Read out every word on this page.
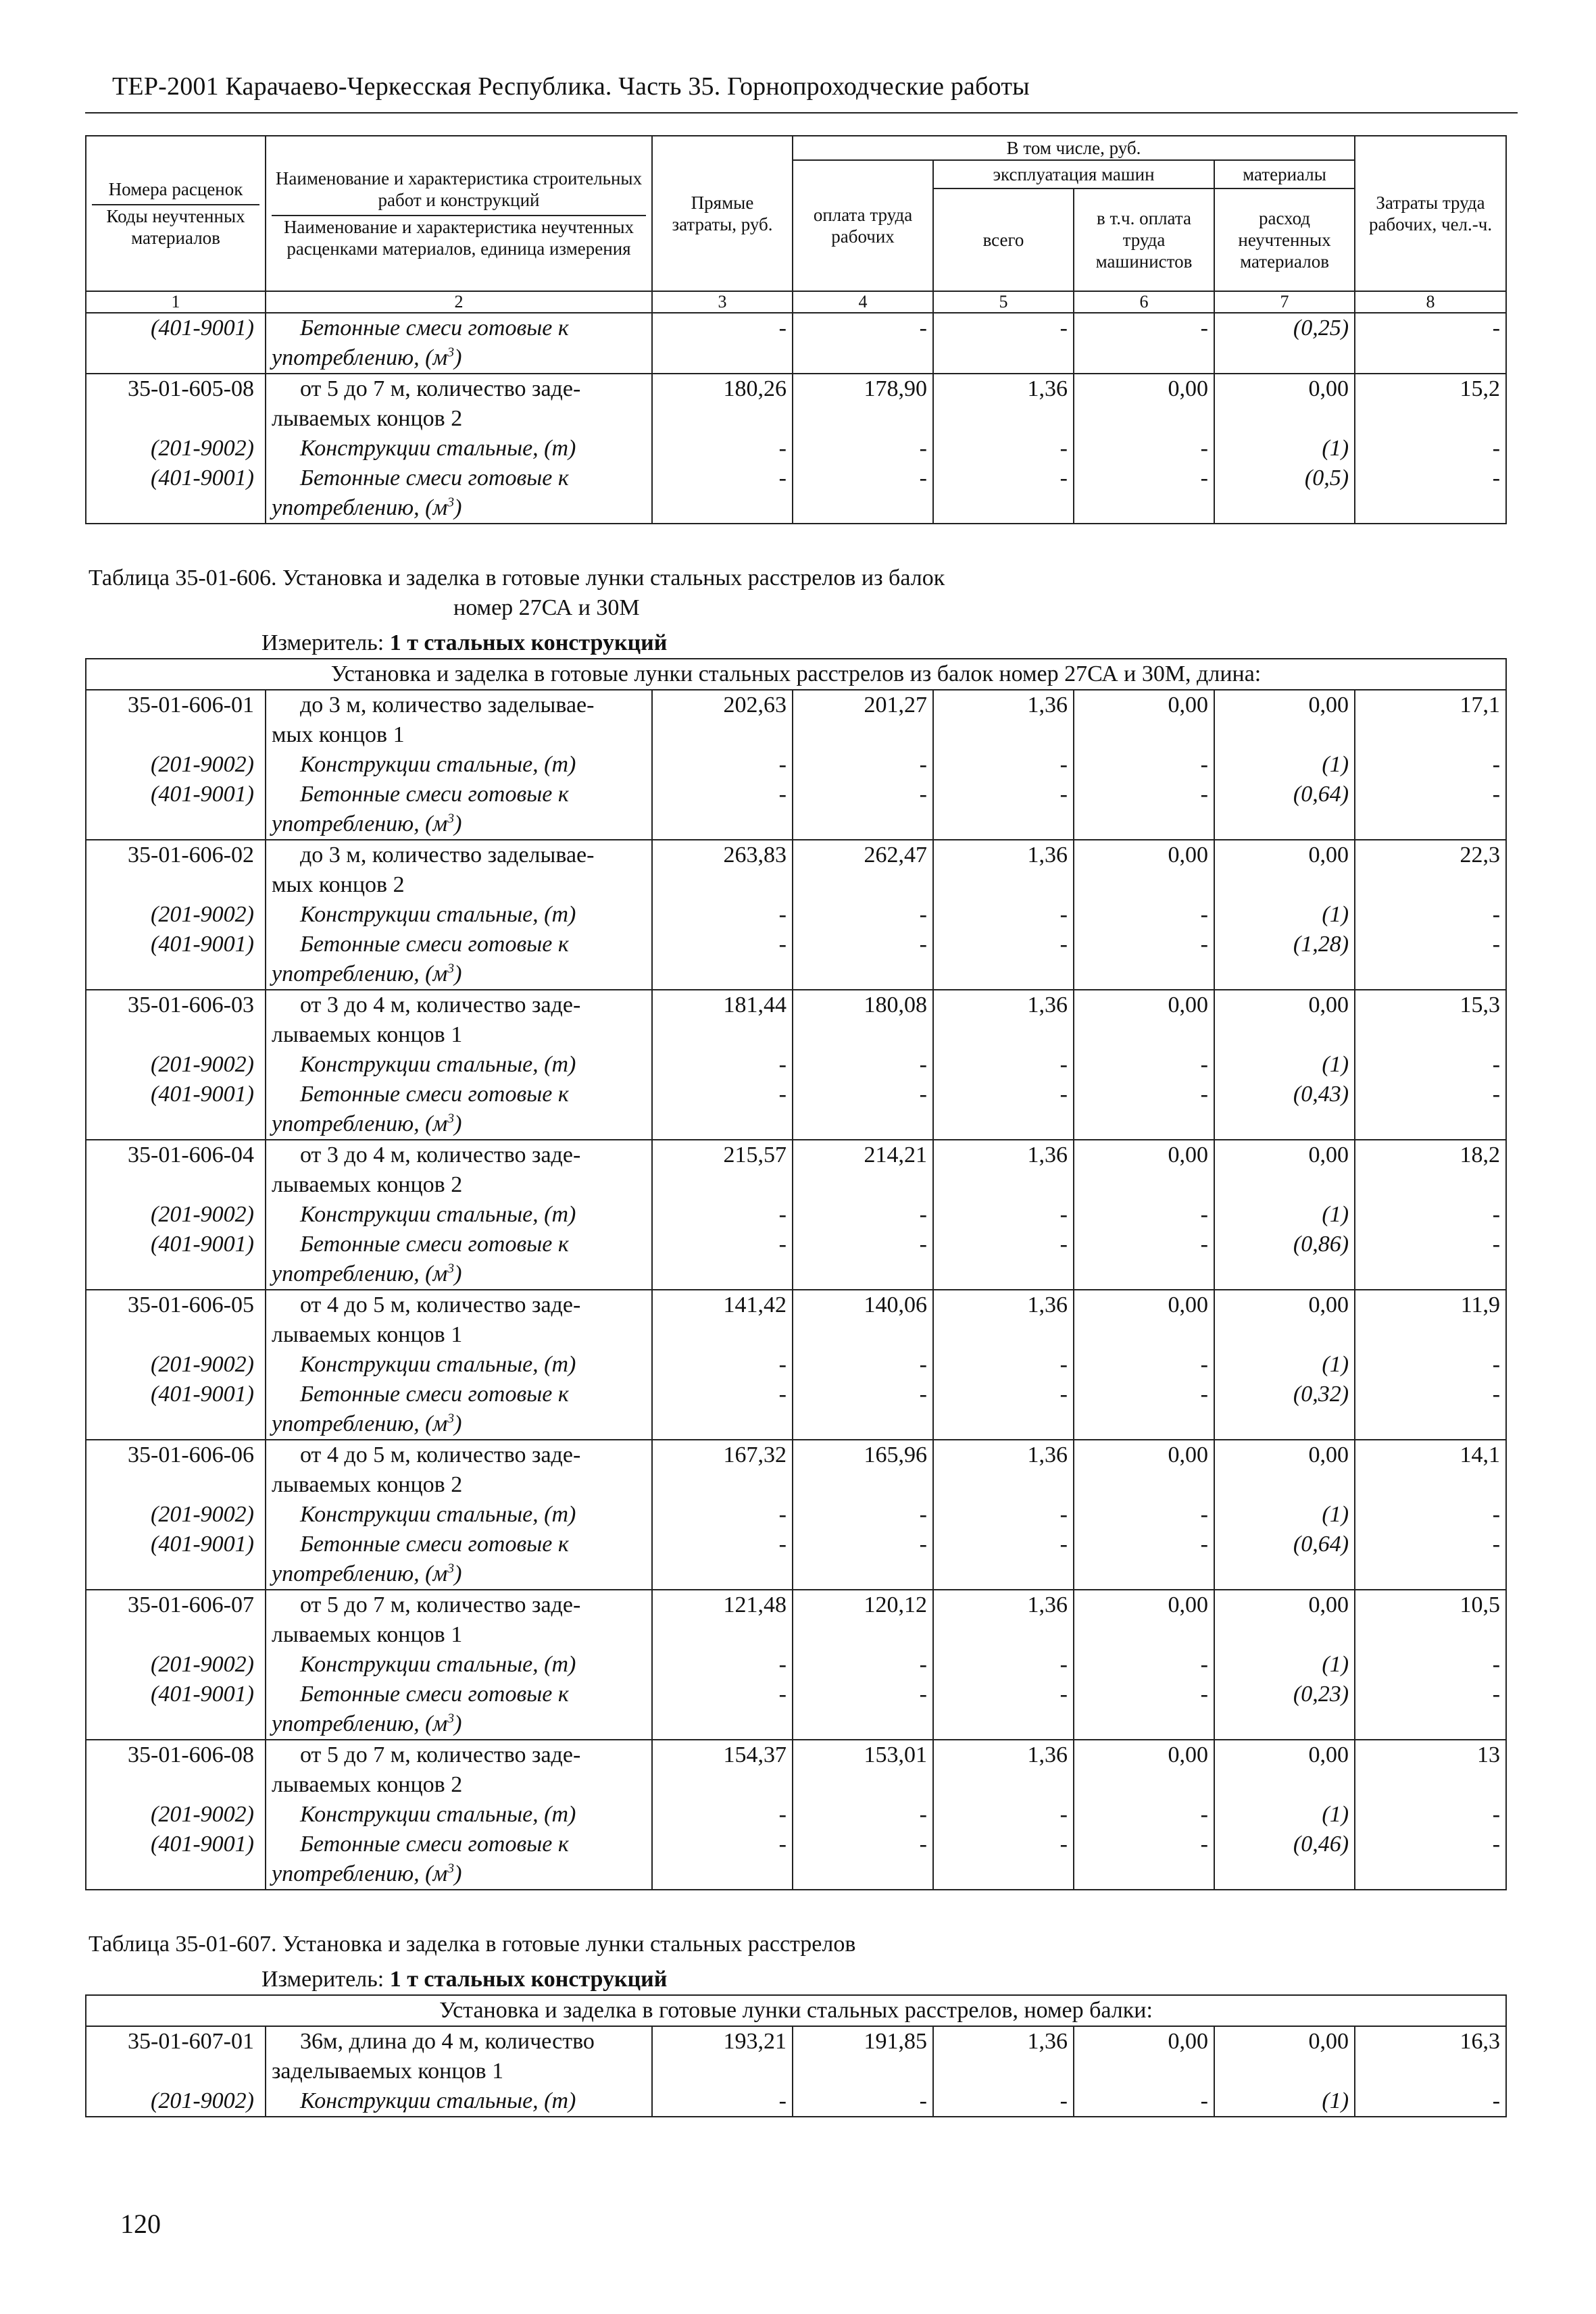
ТЕР-2001 Карачаево-Черкесская Республика. Часть 35. Горнопроходческие работы
Номера расценок
Коды неучтенных материалов	Наименование и характеристика строительных работ и конструкций
Наименование и характеристика неучтенных расценками материалов, единица измерения	Прямые затраты, руб.	В том числе, руб.				Затраты труда рабочих, чел.-ч.
			оплата труда рабочих	эксплуатация машин		материалы	
				всего	в т.ч. оплата труда машинистов	расход неучтенных материалов	
1	2	3	4	5	6	7	8
(401-9001)	Бетонные смеси готовые к	-	-	-	-	(0,25)	-
	употреблению, $(м^3)$						
35-01-605-08	от 5 до 7 м, количество заде-	180,26	178,90	1,36	0,00	0,00	15,2
	лываемых концов 2						
(201-9002)	Конструкции стальные, (т)	-	-	-	-	(1)	-
(401-9001)	Бетонные смеси готовые к	-	-	-	-	(0,5)	-
	употреблению, $(м^3)$						

Таблица 35-01-606. Установка и заделка в готовые лунки стальных расстрелов из балок
номер 27СА и 30М							

Измеритель: 1 т стальных конструкций							
Установка и заделка в готовые лунки стальных расстрелов из балок номер 27СА и 30М, длина:							
35-01-606-01	до 3 м, количество заделывае-	202,63	201,27	1,36	0,00	0,00	17,1
	мых концов 1						
(201-9002)	Конструкции стальные, (т)	-	-	-	-	(1)	-
(401-9001)	Бетонные смеси готовые к	-	-	-	-	(0,64)	-
	употреблению, $(м^3)$						
35-01-606-02	до 3 м, количество заделывае-	263,83	262,47	1,36	0,00	0,00	22,3
	мых концов 2						
(201-9002)	Конструкции стальные, (т)	-	-	-	-	(1)	-
(401-9001)	Бетонные смеси готовые к	-	-	-	-	(1,28)	-
	употреблению, $(м^3)$						
35-01-606-03	от 3 до 4 м, количество заде-	181,44	180,08	1,36	0,00	0,00	15,3
	лываемых концов 1						
(201-9002)	Конструкции стальные, (т)	-	-	-	-	(1)	-
(401-9001)	Бетонные смеси готовые к	-	-	-	-	(0,43)	-
	употреблению, $(м^3)$						
35-01-606-04	от 3 до 4 м, количество заде-	215,57	214,21	1,36	0,00	0,00	18,2
	лываемых концов 2						
(201-9002)	Конструкции стальные, (т)	-	-	-	-	(1)	-
(401-9001)	Бетонные смеси готовые к	-	-	-	-	(0,86)	-
	употреблению, $(м^3)$						
35-01-606-05	от 4 до 5 м, количество заде-	141,42	140,06	1,36	0,00	0,00	11,9
	лываемых концов 1						
(201-9002)	Конструкции стальные, (т)	-	-	-	-	(1)	-
(401-9001)	Бетонные смеси готовые к	-	-	-	-	(0,32)	-
	употреблению, $(м^3)$						
35-01-606-06	от 4 до 5 м, количество заде-	167,32	165,96	1,36	0,00	0,00	14,1
	лываемых концов 2						
(201-9002)	Конструкции стальные, (т)	-	-	-	-	(1)	-
(401-9001)	Бетонные смеси готовые к	-	-	-	-	(0,64)	-
	употреблению, $(м^3)$						
35-01-606-07	от 5 до 7 м, количество заде-	121,48	120,12	1,36	0,00	0,00	10,5
	лываемых концов 1						
(201-9002)	Конструкции стальные, (т)	-	-	-	-	(1)	-
(401-9001)	Бетонные смеси готовые к	-	-	-	-	(0,23)	-
	употреблению, $(м^3)$						
35-01-606-08	от 5 до 7 м, количество заде-	154,37	153,01	1,36	0,00	0,00	13
	лываемых концов 2						
(201-9002)	Конструкции стальные, (т)	-	-	-	-	(1)	-
(401-9001)	Бетонные смеси готовые к	-	-	-	-	(0,46)	-
	употреблению, $(м^3)$						

Таблица 35-01-607. Установка и заделка в готовые лунки стальных расстрелов							
Измеритель: 1 т стальных конструкций							
Установка и заделка в готовые лунки стальных расстрелов, номер балки:							
35-01-607-01	36м, длина до 4 м, количество	193,21	191,85	1,36	0,00	0,00	16,3
	заделываемых концов 1						
(201-9002)	Конструкции стальные, (т)	-	-	-	-	(1)	-
120
